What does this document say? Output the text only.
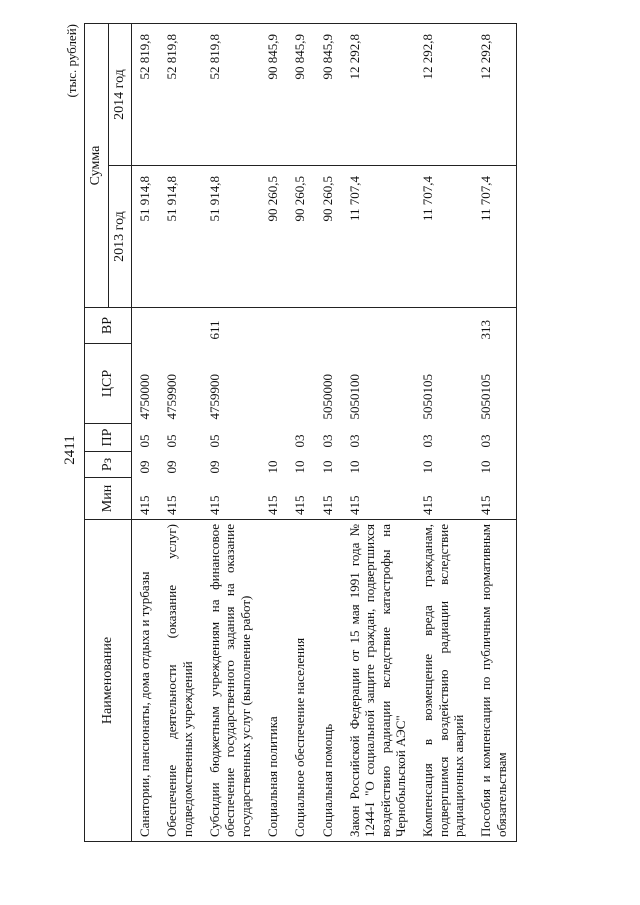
2411
(тыс. рублей)
Наименование	Мин	Рз	ПР	ЦСР	ВР	Сумма	
						2013 год	2014 год
Санатории, пансионаты, дома отдыха и турбазы	415	09	05	4750000		51 914,8	52 819,8
Обеспечение деятельности (оказание услуг) подведомственных учреждений	415	09	05	4759900		51 914,8	52 819,8
Субсидии бюджетным учреждениям на финансовое обеспечение государственного задания на оказание государственных услуг (выполнение работ)	415	09	05	4759900	611	51 914,8	52 819,8
Социальная политика	415	10				90 260,5	90 845,9
Социальное обеспечение населения	415	10	03			90 260,5	90 845,9
Социальная помощь	415	10	03	5050000		90 260,5	90 845,9
Закон Российской Федерации от 15 мая 1991 года № 1244-I "О социальной защите граждан, подвергшихся воздействию радиации вследствие катастрофы на Чернобыльской АЭС"	415	10	03	5050100		11 707,4	12 292,8
Компенсация в возмещение вреда гражданам, подвергшимся воздействию радиации вследствие радиационных аварий	415	10	03	5050105		11 707,4	12 292,8
Пособия и компенсации по публичным нормативным обязательствам	415	10	03	5050105	313	11 707,4	12 292,8
